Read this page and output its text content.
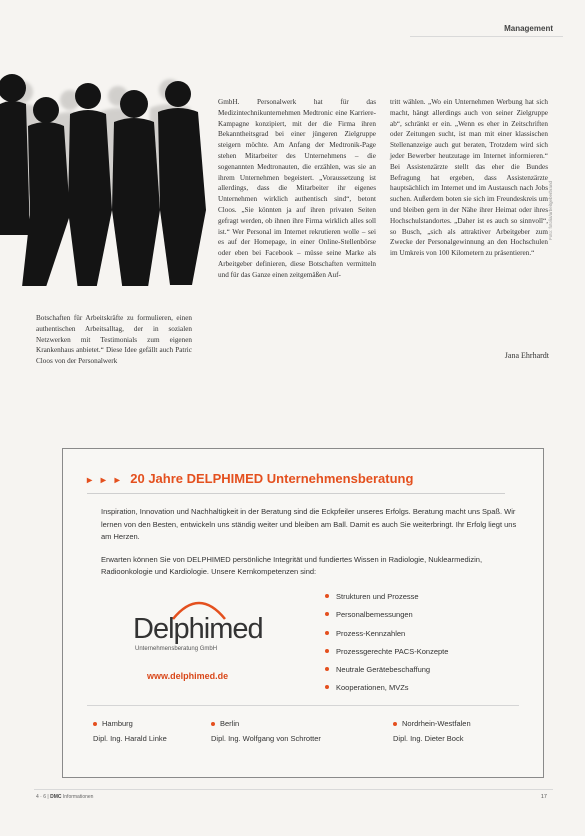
Management
Botschaften für Arbeitskräfte zu formulieren, einen authentischen Arbeitsalltag, der in sozialen Netzwerken mit Testimonials zum eigenen Krankenhaus anbietet.“ Diese Idee gefällt auch Patric Cloos von der Personalwerk
GmbH. Personalwerk hat für das Medizintechnikunternehmen Medtronic eine Karriere-Kampagne konzipiert, mit der die Firma ihren Bekanntheitsgrad bei einer jüngeren Zielgruppe steigern möchte. Am Anfang der Medtronik-Page stehen Mitarbeiter des Unternehmens – die sogenannten Medtronauten, die erzählen, was sie an ihrem Unternehmen begeistert. „Voraussetzung ist allerdings, dass die Mitarbeiter ihr eigenes Unternehmen wirklich authentisch sind“, betont Cloos. „Sie könnten ja auf ihren privaten Seiten gefragt werden, ob ihnen ihre Firma wirklich alles soll ist.“ Wer Personal im Internet rekrutieren wolle – sei es auf der Homepage, in einer Online-Stellenbörse oder eben bei Facebook – müsse seine Marke als Arbeitgeber definieren, diese Botschaften vermitteln und für das Ganze einen zeitgemäßen Auf-
tritt wählen. „Wo ein Unternehmen Werbung hat sich macht, hängt allerdings auch von seiner Zielgruppe ab“, schränkt er ein. „Wenn es eher in Zeitschriften oder Zeitungen sucht, ist man mit einer klassischen Stellenanzeige auch gut beraten, Trotzdem wird sich jeder Bewerber heutzutage im Internet informieren.“ Bei Assistenzärzte stellt das eher die Bundes Befragung hat ergeben, dass Assistenzärzte hauptsächlich im Internet und im Austausch nach Jobs suchen. Außerdem boten sie sich im Freundeskreis um und bleiben gern in der Nähe ihrer Heimat oder ihres Hochschulstandortes. „Daher ist es auch so sinnvoll“, so Busch, „sich als attraktiver Arbeitgeber zum Zwecke der Personalgewinnung an den Hochschulen im Umkreis von 100 Kilometern zu präsentieren.“
Jana Ehrhardt
Foto: fotolia/arbeitgeberbrand
▸ ▸ ▸ 20 Jahre DELPHIMED Unternehmensberatung

Inspiration, Innovation und Nachhaltigkeit in der Beratung sind die Eckpfeiler unseres Erfolgs. Beratung macht uns Spaß. Wir lernen von den Besten, entwickeln uns ständig weiter und bleiben am Ball. Damit es auch Sie weiterbringt. Ihr Erfolg liegt uns am Herzen.

Erwarten können Sie von DELPHIMED persönliche Integrität und fundiertes Wissen in Radiologie, Nuklearmedizin, Radioonkologie und Kardiologie. Unsere Kernkompetenzen sind:

Delphimed
Unternehmensberatung GmbH
www.delphimed.de
Strukturen und Prozesse
Personalbemessungen
Prozess-Kennzahlen
Prozessgerechte PACS-Konzepte
Neutrale Gerätebeschaffung
Kooperationen, MVZs
Hamburg
Dipl. Ing. Harald Linke
Berlin
Dipl. Ing. Wolfgang von Schrotter
Nordrhein-Westfalen
Dipl. Ing. Dieter Bock
4 · 6 | DMC Informationen	17
